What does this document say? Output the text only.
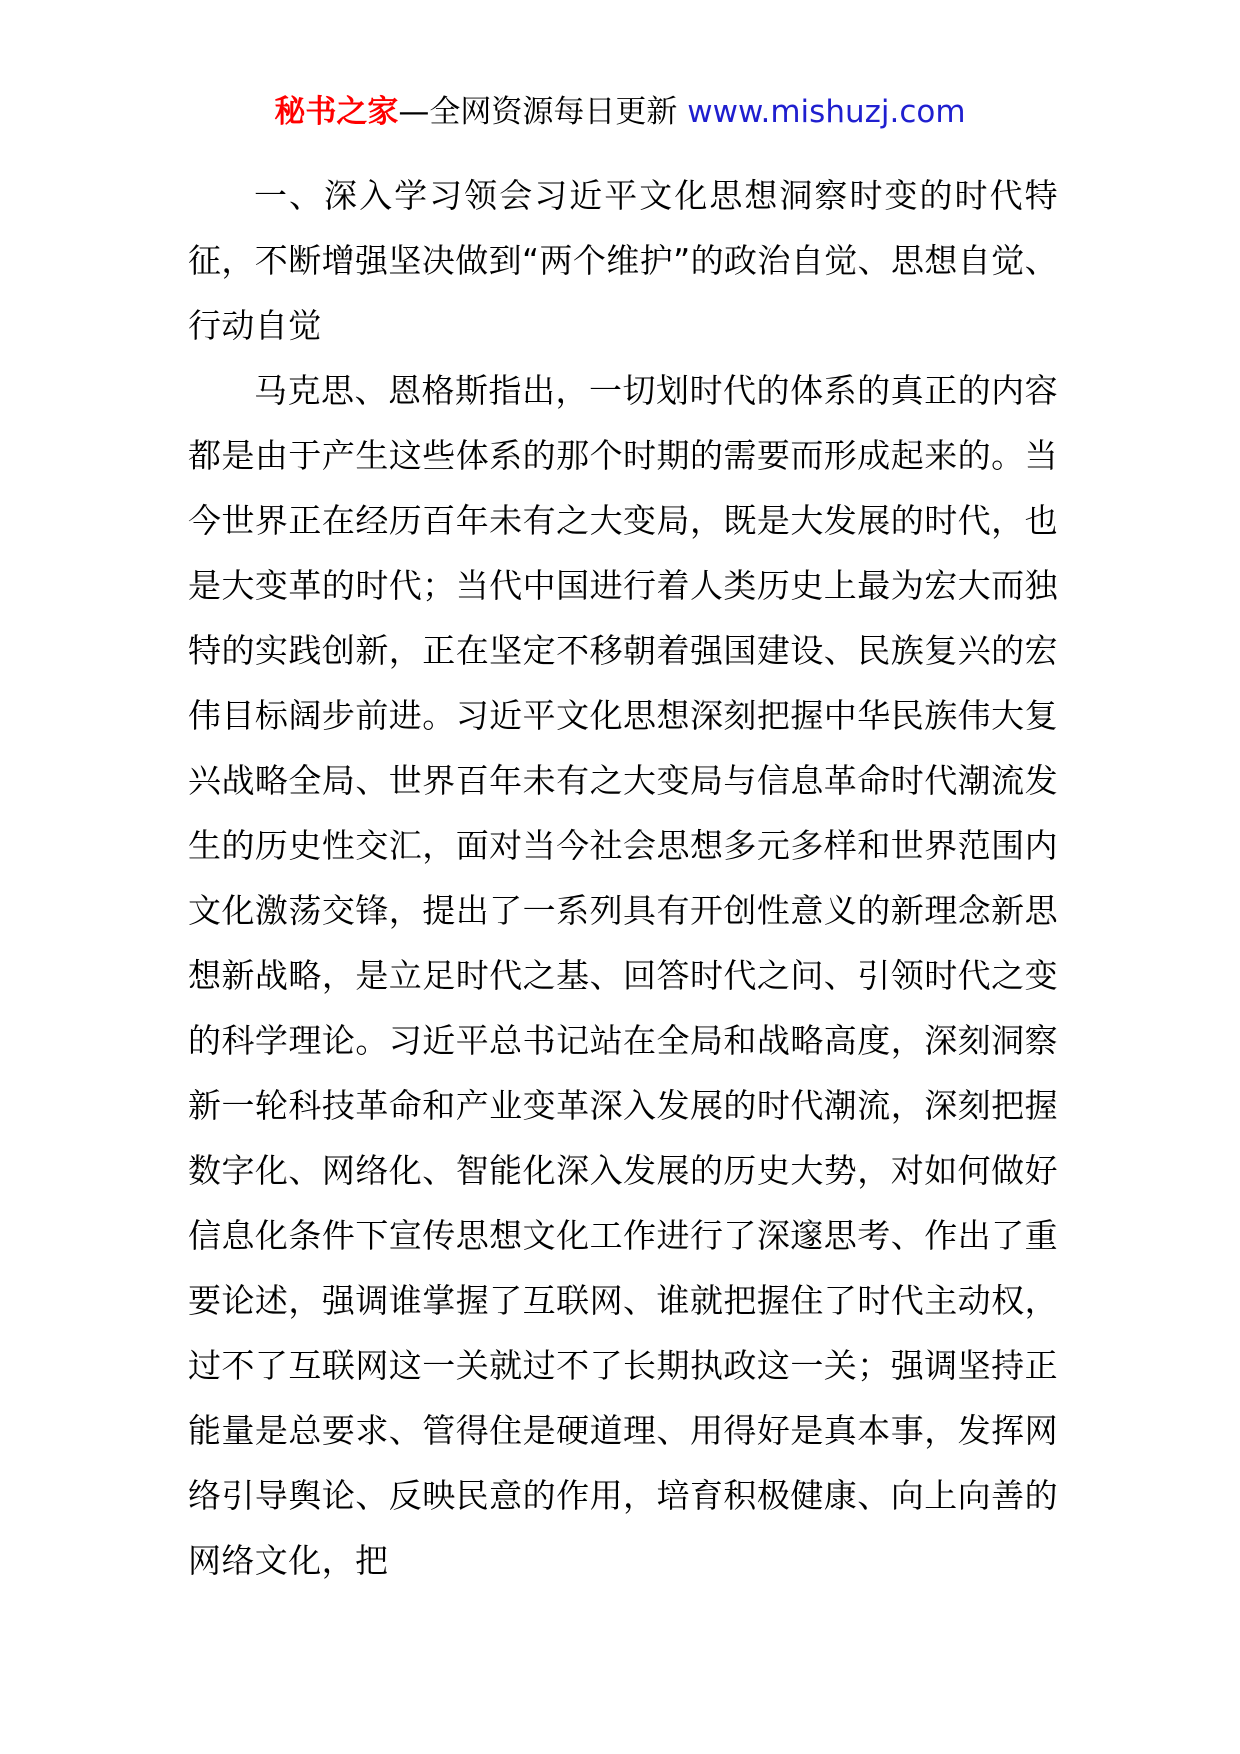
秘书之家—全网资源每日更新 www.mishuzj.com

一、深入学习领会习近平文化思想洞察时变的时代特征，不断增强坚决做到“两个维护”的政治自觉、思想自觉、行动自觉

马克思、恩格斯指出，一切划时代的体系的真正的内容都是由于产生这些体系的那个时期的需要而形成起来的。当今世界正在经历百年未有之大变局，既是大发展的时代，也是大变革的时代；当代中国进行着人类历史上最为宏大而独特的实践创新，正在坚定不移朝着强国建设、民族复兴的宏伟目标阔步前进。习近平文化思想深刻把握中华民族伟大复兴战略全局、世界百年未有之大变局与信息革命时代潮流发生的历史性交汇，面对当今社会思想多元多样和世界范围内文化激荡交锋，提出了一系列具有开创性意义的新理念新思想新战略，是立足时代之基、回答时代之问、引领时代之变的科学理论。习近平总书记站在全局和战略高度，深刻洞察新一轮科技革命和产业变革深入发展的时代潮流，深刻把握数字化、网络化、智能化深入发展的历史大势，对如何做好信息化条件下宣传思想文化工作进行了深邃思考、作出了重要论述，强调谁掌握了互联网、谁就把握住了时代主动权，过不了互联网这一关就过不了长期执政这一关；强调坚持正能量是总要求、管得住是硬道理、用得好是真本事，发挥网络引导舆论、反映民意的作用，培育积极健康、向上向善的网络文化，把
